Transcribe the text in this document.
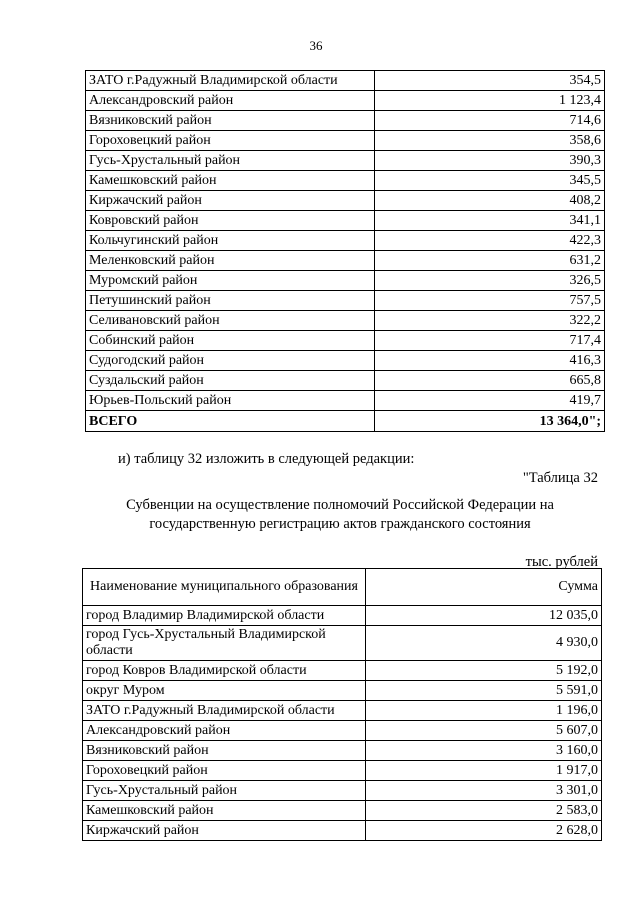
36
ЗАТО г.Радужный Владимирской области	354,5
Александровский район	1 123,4
Вязниковский район	714,6
Гороховецкий район	358,6
Гусь-Хрустальный район	390,3
Камешковский район	345,5
Киржачский район	408,2
Ковровский район	341,1
Кольчугинский район	422,3
Меленковский район	631,2
Муромский район	326,5
Петушинский район	757,5
Селивановский район	322,2
Собинский район	717,4
Судогодский район	416,3
Суздальский район	665,8
Юрьев-Польский район	419,7
ВСЕГО	13 364,0";
и) таблицу 32 изложить в следующей редакции:
"Таблица 32
Субвенции на осуществление полномочий Российской Федерации на
государственную регистрацию актов гражданского состояния
тыс. рублей
Наименование муниципального образования	Сумма
город Владимир Владимирской области	12 035,0
город Гусь-Хрустальный Владимирской области	4 930,0
город Ковров Владимирской области	5 192,0
округ Муром	5 591,0
ЗАТО г.Радужный Владимирской области	1 196,0
Александровский район	5 607,0
Вязниковский район	3 160,0
Гороховецкий район	1 917,0
Гусь-Хрустальный район	3 301,0
Камешковский район	2 583,0
Киржачский район	2 628,0
